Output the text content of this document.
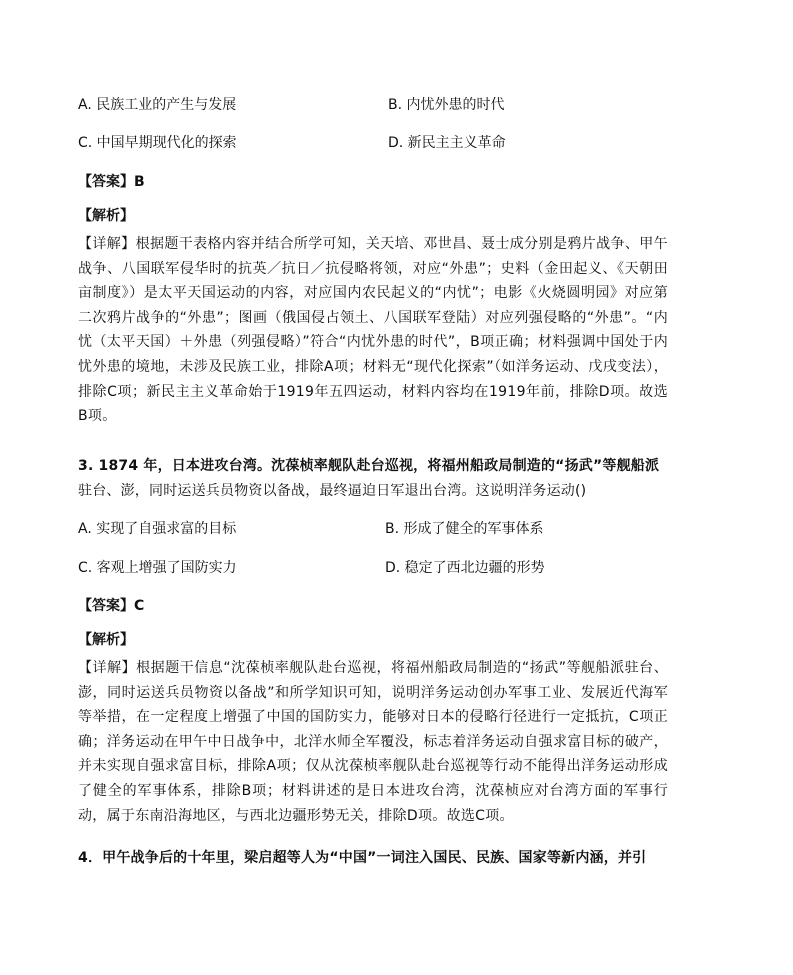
A. 民族工业的产生与发展	B. 内忧外患的时代
C. 中国早期现代化的探索	D. 新民主主义革命
【答案】B
【解析】
【详解】根据题干表格内容并结合所学可知，关天培、邓世昌、聂士成分别是鸦片战争、甲午战争、八国联军侵华时的抗英／抗日／抗侵略将领，对应“外患”；史料（金田起义、《天朝田亩制度》）是太平天国运动的内容，对应国内农民起义的“内忧”；电影《火烧圆明园》对应第二次鸦片战争的“外患”；图画（俄国侵占领土、八国联军登陆）对应列强侵略的“外患”。“内忧（太平天国）＋外患（列强侵略）”符合“内忧外患的时代”，B项正确；材料强调中国处于内忧外患的境地，未涉及民族工业，排除A项；材料无“现代化探索”（如洋务运动、戊戌变法），排除C项；新民主主义革命始于1919年五四运动，材料内容均在1919年前，排除D项。故选B项。
3. 1874 年，日本进攻台湾。沈葆桢率舰队赴台巡视，将福州船政局制造的“扬武”等舰船派
驻台、澎，同时运送兵员物资以备战，最终逼迫日军退出台湾。这说明洋务运动()
A. 实现了自强求富的目标	B. 形成了健全的军事体系
C. 客观上增强了国防实力	D. 稳定了西北边疆的形势
【答案】C
【解析】
【详解】根据题干信息“沈葆桢率舰队赴台巡视，将福州船政局制造的“扬武”等舰船派驻台、澎，同时运送兵员物资以备战”和所学知识可知，说明洋务运动创办军事工业、发展近代海军等举措，在一定程度上增强了中国的国防实力，能够对日本的侵略行径进行一定抵抗，C项正确；洋务运动在甲午中日战争中，北洋水师全军覆没，标志着洋务运动自强求富目标的破产，并未实现自强求富目标，排除A项；仅从沈葆桢率舰队赴台巡视等行动不能得出洋务运动形成了健全的军事体系，排除B项；材料讲述的是日本进攻台湾，沈葆桢应对台湾方面的军事行动，属于东南沿海地区，与西北边疆形势无关，排除D项。故选C项。
4．甲午战争后的十年里，梁启超等人为“中国”一词注入国民、民族、国家等新内涵，并引
